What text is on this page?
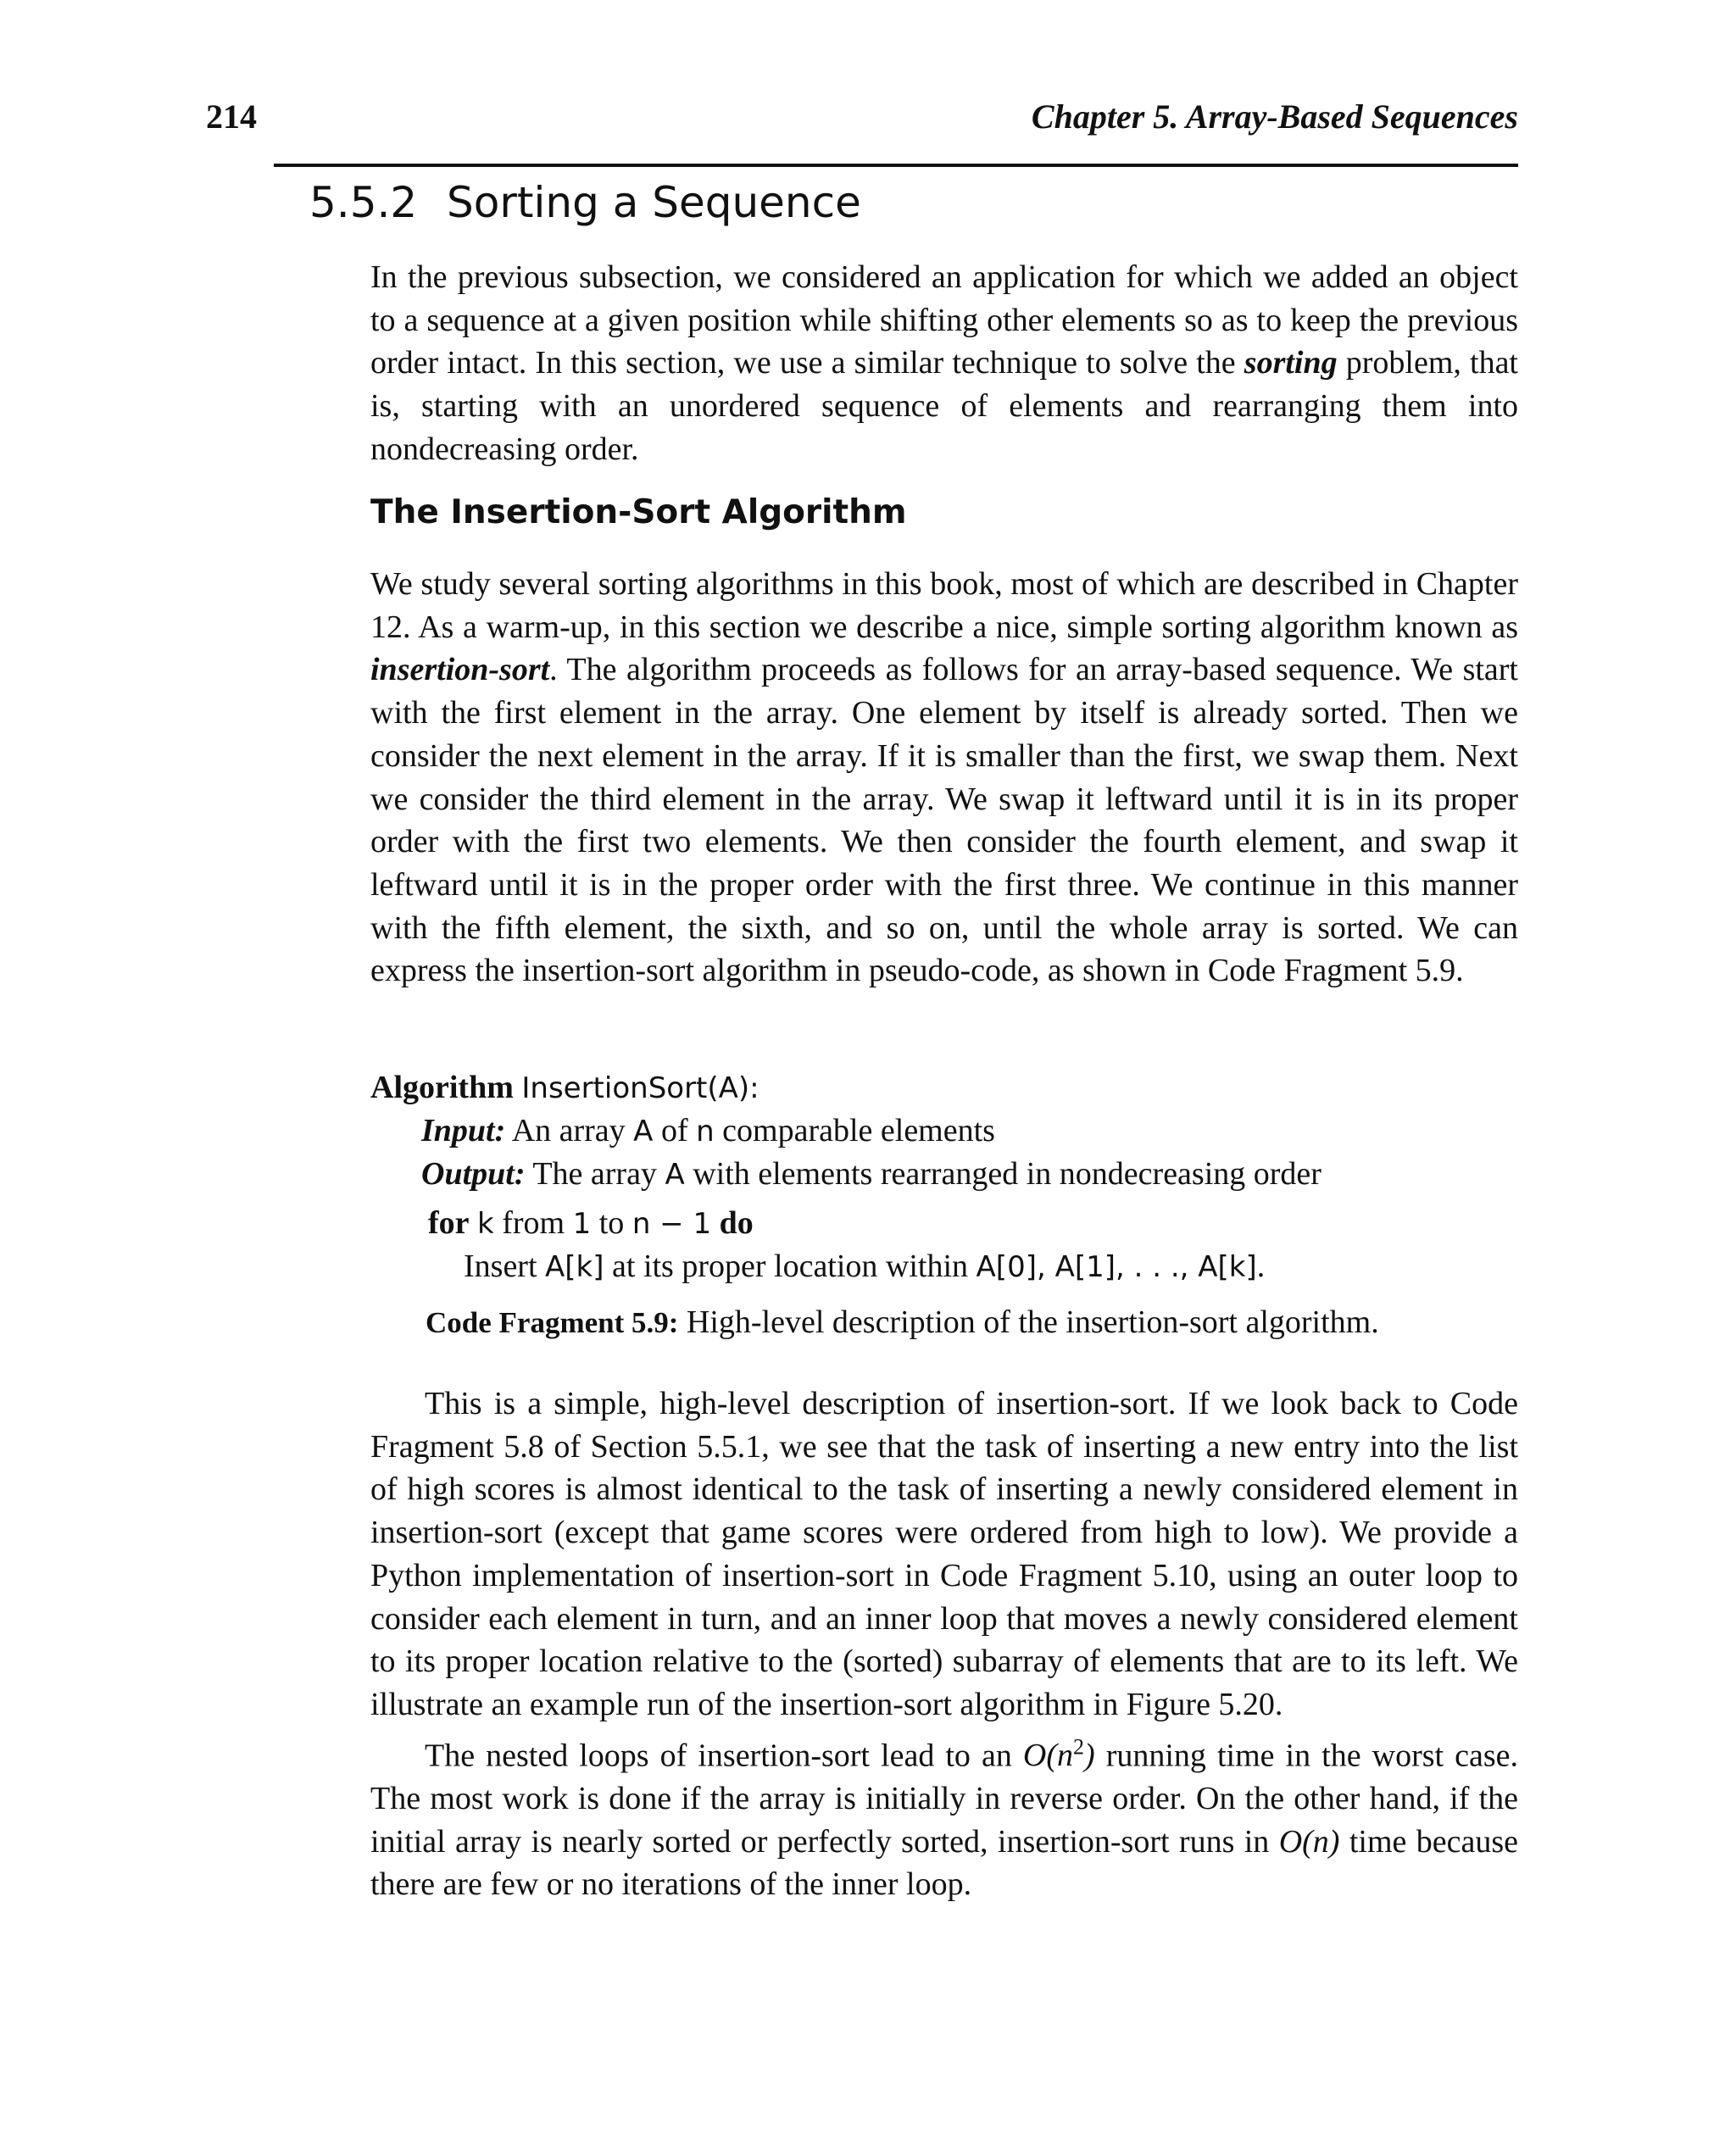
214	Chapter 5. Array-Based Sequences
5.5.2 Sorting a Sequence

In the previous subsection, we considered an application for which we added an object to a sequence at a given position while shifting other elements so as to keep the previous order intact. In this section, we use a similar technique to solve the sorting problem, that is, starting with an unordered sequence of elements and rearranging them into nondecreasing order.

The Insertion-Sort Algorithm

We study several sorting algorithms in this book, most of which are described in Chapter 12. As a warm-up, in this section we describe a nice, simple sorting algorithm known as insertion-sort. The algorithm proceeds as follows for an array-based sequence. We start with the first element in the array. One element by itself is already sorted. Then we consider the next element in the array. If it is smaller than the first, we swap them. Next we consider the third element in the array. We swap it leftward until it is in its proper order with the first two elements. We then consider the fourth element, and swap it leftward until it is in the proper order with the first three. We continue in this manner with the fifth element, the sixth, and so on, until the whole array is sorted. We can express the insertion-sort algorithm in pseudo-code, as shown in Code Fragment 5.9.

Algorithm InsertionSort(A):
Input: An array A of n comparable elements
Output: The array A with elements rearranged in nondecreasing order
for k from 1 to n − 1 do
Insert A[k] at its proper location within A[0], A[1], . . ., A[k].
Code Fragment 5.9: High-level description of the insertion-sort algorithm.

This is a simple, high-level description of insertion-sort. If we look back to Code Fragment 5.8 of Section 5.5.1, we see that the task of inserting a new entry into the list of high scores is almost identical to the task of inserting a newly considered element in insertion-sort (except that game scores were ordered from high to low). We provide a Python implementation of insertion-sort in Code Fragment 5.10, using an outer loop to consider each element in turn, and an inner loop that moves a newly considered element to its proper location relative to the (sorted) subarray of elements that are to its left. We illustrate an example run of the insertion-sort algorithm in Figure 5.20.

The nested loops of insertion-sort lead to an $O(n^2)$ running time in the worst case. The most work is done if the array is initially in reverse order. On the other hand, if the initial array is nearly sorted or perfectly sorted, insertion-sort runs in O(n) time because there are few or no iterations of the inner loop.
